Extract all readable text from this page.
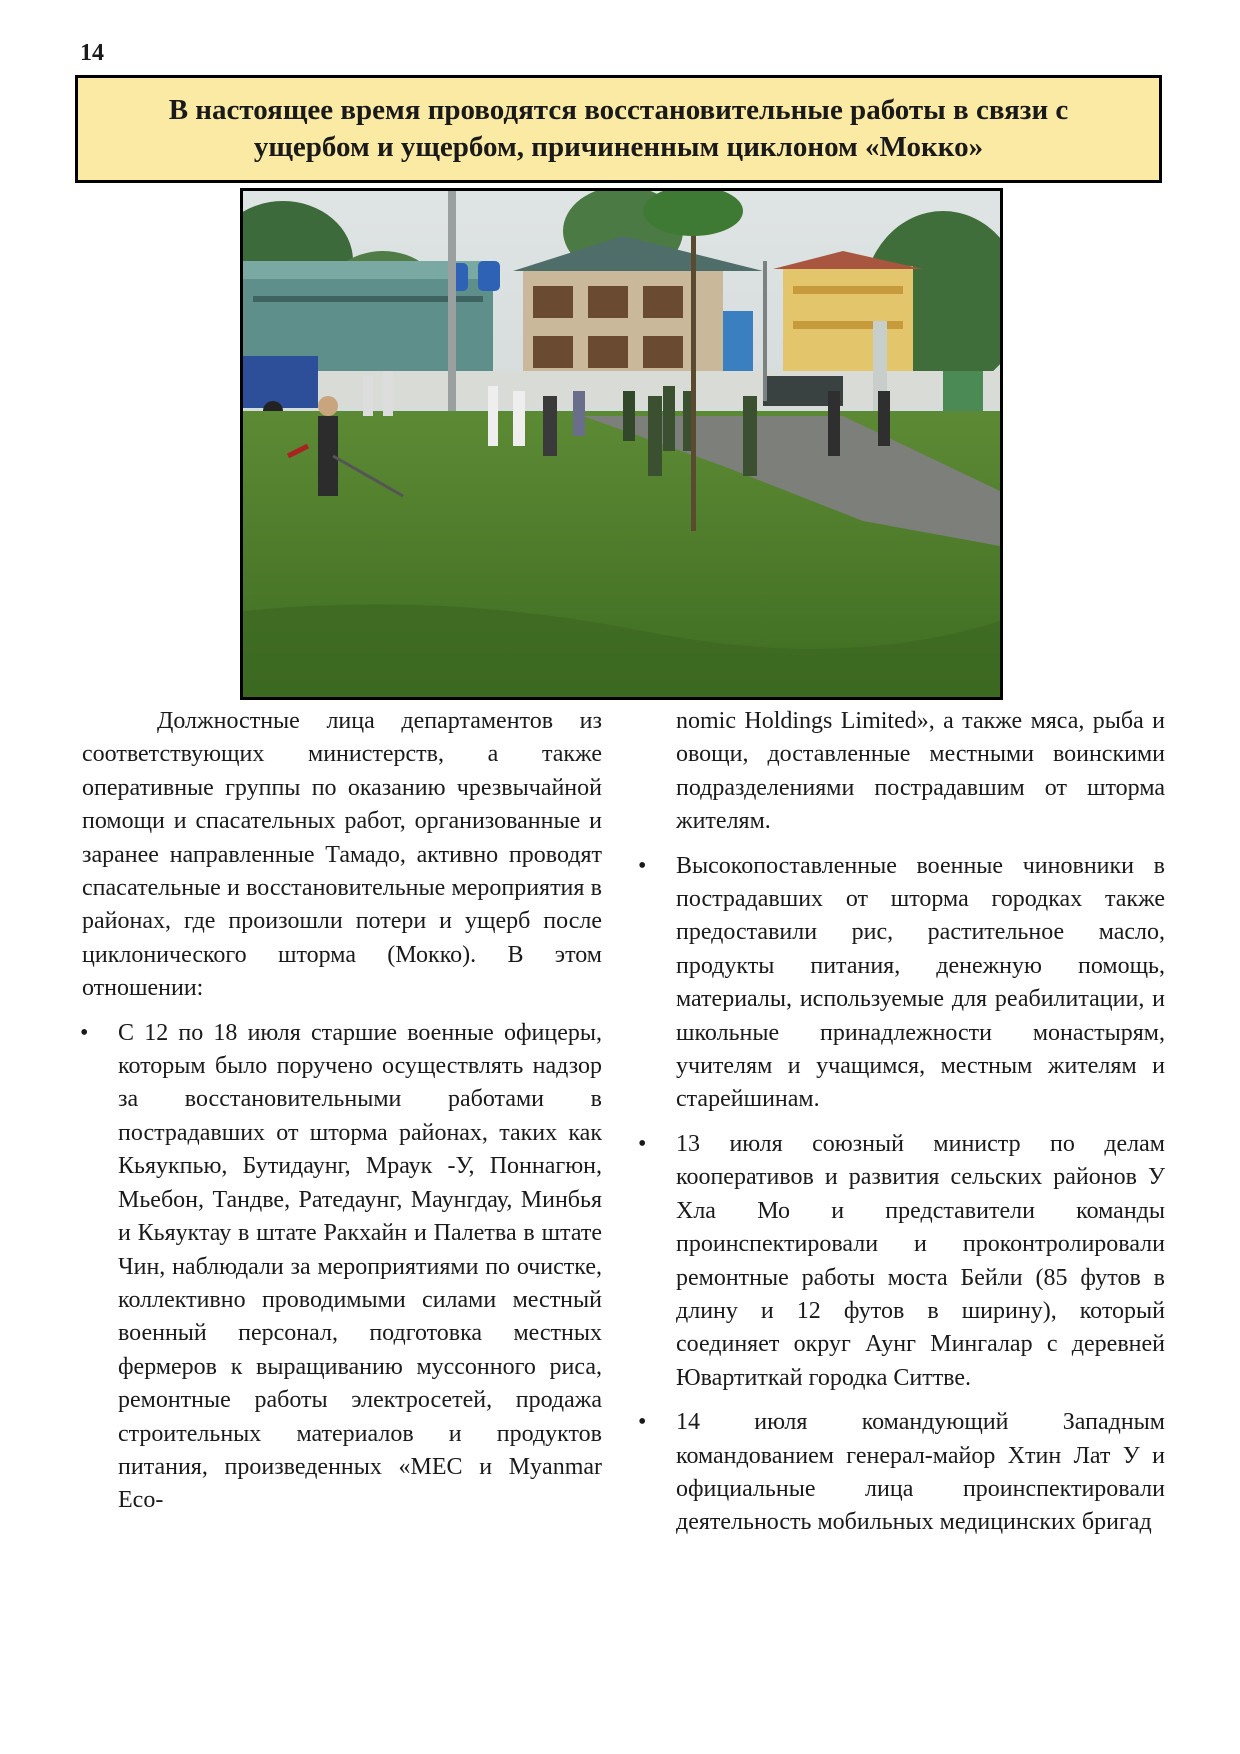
14
В настоящее время проводятся восстановительные работы в связи с ущербом и ущербом, причиненным циклоном «Мокко»

Должностные лица департаментов из соответствующих министерств, а также оперативные группы по оказанию чрезвычайной помощи и спасательных работ, организованные и заранее направленные Тамадо, активно проводят спасательные и восстановительные мероприятия в районах, где произошли потери и ущерб после циклонического шторма (Мокко). В этом отношении:

• С 12 по 18 июля старшие военные офицеры, которым было поручено осуществлять надзор за восстановительными работами в пострадавших от шторма районах, таких как Кьяукпью, Бутидаунг, Мраук -У, Поннагюн, Мьебон, Тандве, Ратедаунг, Маунгдау, Минбья и Кьяуктау в штате Ракхайн и Палетва в штате Чин, наблюдали за мероприятиями по очистке, коллективно проводимыми силами местный военный персонал, подготовка местных фермеров к выращиванию муссонного риса, ремонтные работы электросетей, продажа строительных материалов и продуктов питания, произведенных «MEC и Myanmar Eco-

nomic Holdings Limited», а также мяса, рыба и овощи, доставленные местными воинскими подразделениями пострадавшим от шторма жителям.

• Высокопоставленные военные чиновники в пострадавших от шторма городках также предоставили рис, растительное масло, продукты питания, денежную помощь, материалы, используемые для реабилитации, и школьные принадлежности монастырям, учителям и учащимся, местным жителям и старейшинам.
• 13 июля союзный министр по делам кооперативов и развития сельских районов У Хла Мо и представители команды проинспектировали и проконтролировали ремонтные работы моста Бейли (85 футов в длину и 12 футов в ширину), который соединяет округ Аунг Мингалар с деревней Ювартиткай городка Ситтве.
• 14 июля командующий Западным командованием генерал-майор Хтин Лат У и официальные лица проинспектировали деятельность мобильных медицинских бригад
